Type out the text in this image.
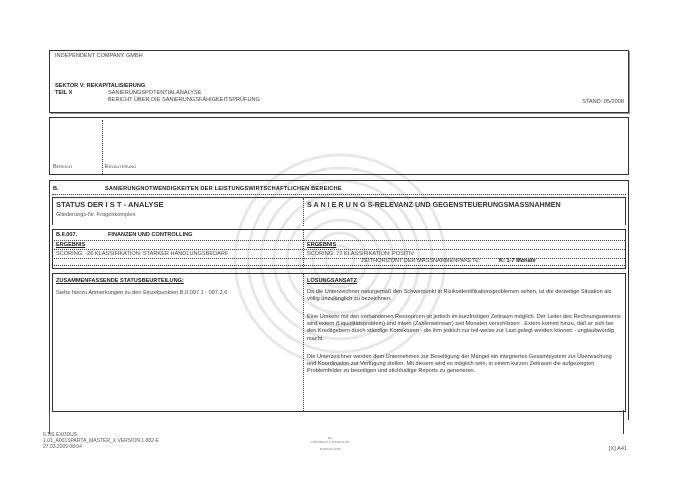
INDEPENDENT COMPANY GMBH
SEKTOR V: REKAPITALISIERUNG
TEIL X	SANIERUNGSPOTENTIALANALYSE
BERICHT ÜBER DIE SANIERUNGSFÄHIGKEITSPRÜFUNG	STAND: 05/2008
Bereich	Erläuterung
B.	SANIERUNGNOTWENDIGKEITEN DER LEISTUNGSWIRTSCHAFTLICHEN BEREICHE
STATUS DER I S T - ANALYSE
Gliederungs-Nr. Fragenkomplex
S A N I E R U N G S-RELEVANZ UND GEGENSTEUERUNGSMASSNAHMEN
B.II.007.	FINANZEN UND CONTROLLING
ERGEBNIS	ERGEBNIS
SCORING: -26 KLASSIFIKATION: STARKER HANDLUNGSBEDARF	SCORING: 72 KLASSIFIKATION: POSITIV
ZEITHORIZONT DER MASSNAHMENPAKETE:	K: 1-7 Monate
ZUSAMMENFASSENDE STATUSBEURTEILUNG:
Siehe hierzu Anmerkungen zu den Einzelpunkten B.II.007.1 - 007.2.6
LÖSUNGSANSATZ
Da die Unterzeichner naturgemäß den Schwerpunkt in Risikoidentifikationsproblemen sehen, ist die derzeitige Situation als völlig unzulänglich zu bezeichnen.
Eine Umkehr mit den vorhandenen Ressourcen ist jedoch im kurzfristigen Zeitraum möglich. Der Leiter des Rechnungswesens wird extern (Liquiditätsproblem) und intern (Zahlenwirrwarr) seit Monaten verschlissen . Extern kommt hinzu, daß er sich bei den Kreditgebern durch ständige Korrekturen - die ihm jedoch nur teil-weise zur Last gelegt werden können - unglaubwürdig macht.
Die Unterzeichner werden dem Unternehmen zur Beseitigung der Mängel ein integriertes Gesamtsystem zur Überwachung und Koordination zur Verfügung stellen. Mit diesem wird es möglich sein, in einem kurzen Zeitraum die aufgezeigten Problemfelder zu beseitigen und stichhaltige Reports zu generieren.
ILTIS EXODUS
1.01_A001SPARTA_MASTER_X VERSION 1.882-E
27.03.2009 08:04
iltis
COPYRIGHT ® EXODUS BY
EXODUS.COM	[X] A41
